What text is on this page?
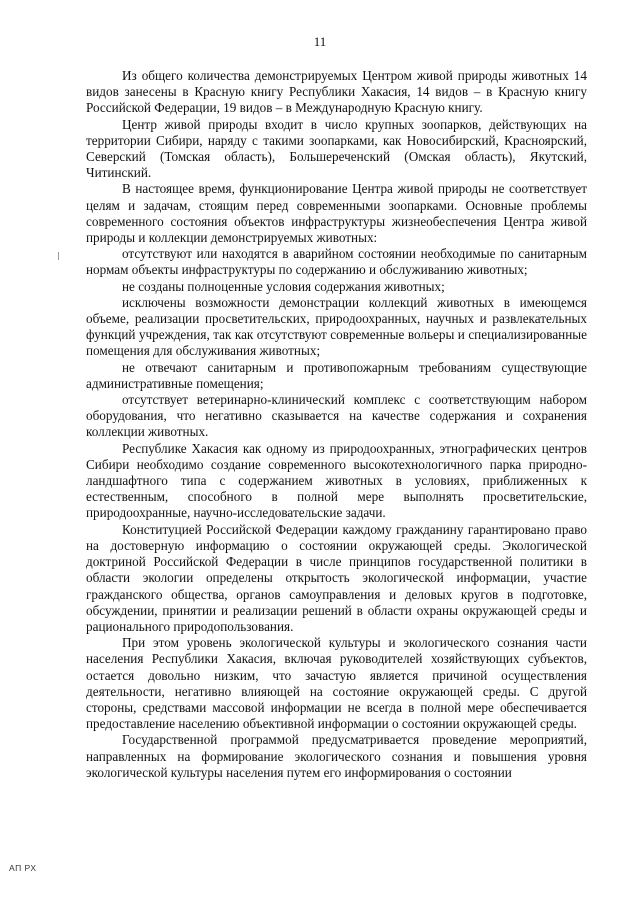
11

Из общего количества демонстрируемых Центром живой природы животных 14 видов занесены в Красную книгу Республики Хакасия, 14 видов – в Красную книгу Российской Федерации, 19 видов – в Международную Красную книгу.

Центр живой природы входит в число крупных зоопарков, действующих на территории Сибири, наряду с такими зоопарками, как Новосибирский, Красноярский, Северский (Томская область), Большереченский (Омская область), Якутский, Читинский.

В настоящее время, функционирование Центра живой природы не соответствует целям и задачам, стоящим перед современными зоопарками. Основные проблемы современного состояния объектов инфраструктуры жизнеобеспечения Центра живой природы и коллекции демонстрируемых животных:

отсутствуют или находятся в аварийном состоянии необходимые по санитарным нормам объекты инфраструктуры по содержанию и обслуживанию животных;

не созданы полноценные условия содержания животных;

исключены возможности демонстрации коллекций животных в имеющемся объеме, реализации просветительских, природоохранных, научных и развлекательных функций учреждения, так как отсутствуют современные вольеры и специализированные помещения для обслуживания животных;

не отвечают санитарным и противопожарным требованиям существующие административные помещения;

отсутствует ветеринарно-клинический комплекс с соответствующим набором оборудования, что негативно сказывается на качестве содержания и сохранения коллекции животных.

Республике Хакасия как одному из природоохранных, этнографических центров Сибири необходимо создание современного высокотехнологичного парка природно-ландшафтного типа с содержанием животных в условиях, приближенных к естественным, способного в полной мере выполнять просветительские, природоохранные, научно-исследовательские задачи.

Конституцией Российской Федерации каждому гражданину гарантировано право на достоверную информацию о состоянии окружающей среды. Экологической доктриной Российской Федерации в числе принципов государственной политики в области экологии определены открытость экологической информации, участие гражданского общества, органов самоуправления и деловых кругов в подготовке, обсуждении, принятии и реализации решений в области охраны окружающей среды и рационального природопользования.

При этом уровень экологической культуры и экологического сознания части населения Республики Хакасия, включая руководителей хозяйствующих субъектов, остается довольно низким, что зачастую является причиной осуществления деятельности, негативно влияющей на состояние окружающей среды. С другой стороны, средствами массовой информации не всегда в полной мере обеспечивается предоставление населению объективной информации о состоянии окружающей среды.

Государственной программой предусматривается проведение мероприятий, направленных на формирование экологического сознания и повышения уровня экологической культуры населения путем его информирования о состоянии

АП РХ
